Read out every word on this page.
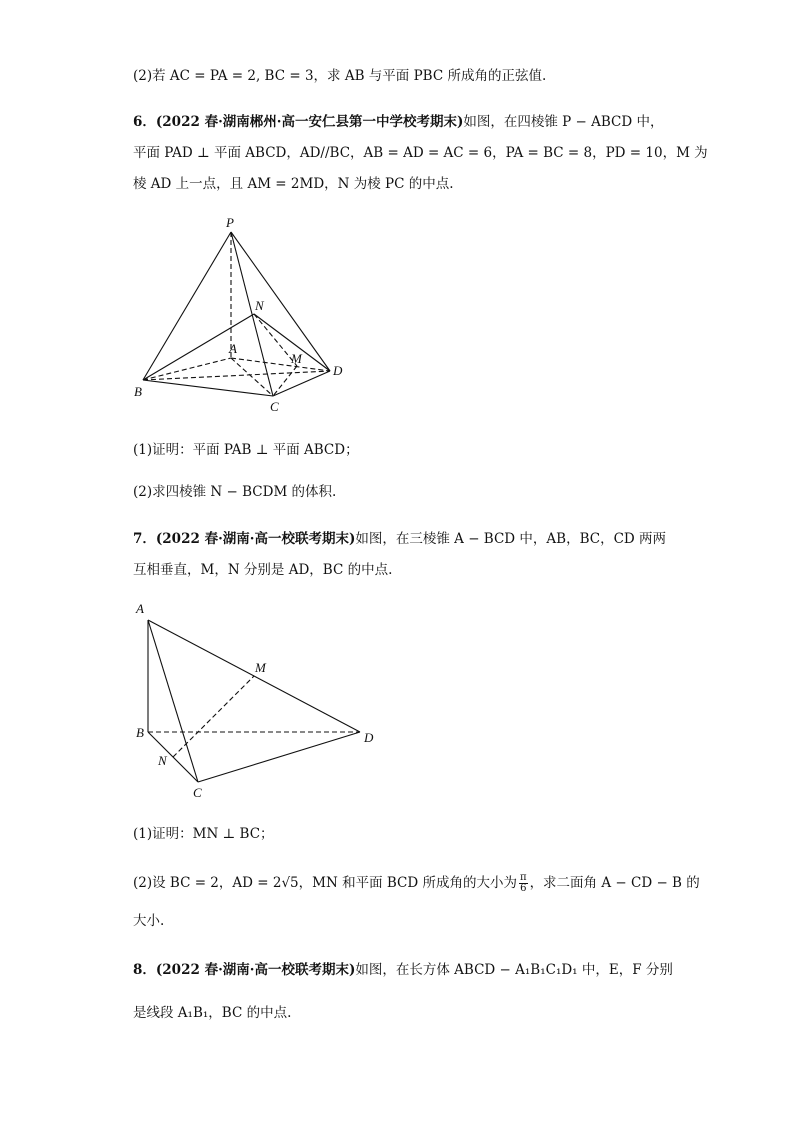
(2)若 AC = PA = 2, BC = 3，求 AB 与平面 PBC 所成角的正弦值.
6．(2022 春·湖南郴州·高一安仁县第一中学校考期末)如图，在四棱锥 P − ABCD 中，
平面 PAD ⊥ 平面 ABCD，AD//BC，AB = AD = AC = 6，PA = BC = 8，PD = 10，M 为
棱 AD 上一点，且 AM = 2MD，N 为棱 PC 的中点.
P
N
A
M
D
B
C
(1)证明：平面 PAB ⊥ 平面 ABCD；
(2)求四棱锥 N − BCDM 的体积.
7．(2022 春·湖南·高一校联考期末)如图，在三棱锥 A − BCD 中，AB，BC，CD 两两
互相垂直，M，N 分别是 AD，BC 的中点.
A
M
B	D
N
C
(1)证明：MN ⊥ BC；
(2)设 BC = 2，AD = 2√5，MN 和平面 BCD 所成角的大小为 $\frac{\pi}{6}$ ，求二面角 A − CD − B 的
大小.
8．(2022 春·湖南·高一校联考期末)如图，在长方体 ABCD − A₁B₁C₁D₁ 中，E，F 分别
是线段 A₁B₁，BC 的中点.
